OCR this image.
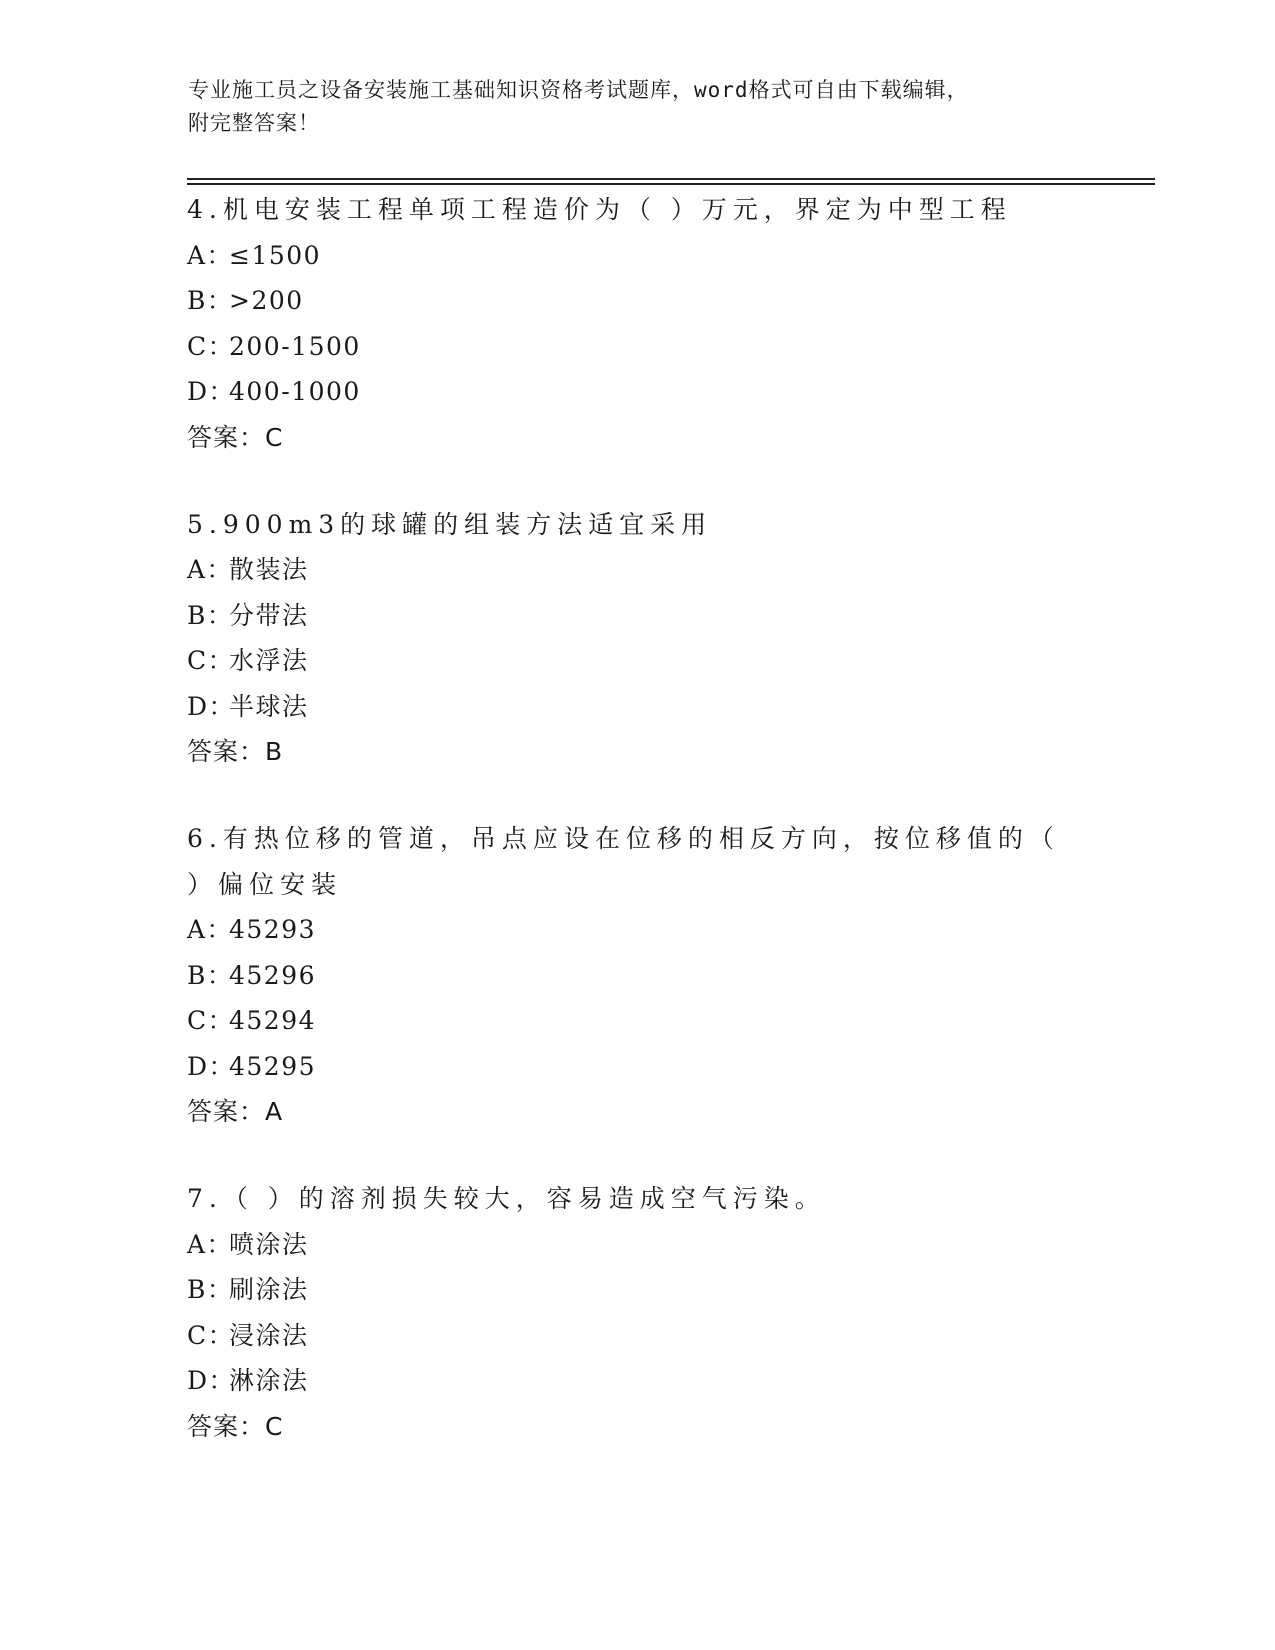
专业施工员之设备安装施工基础知识资格考试题库，word格式可自由下载编辑，
附完整答案！
4.机电安装工程单项工程造价为（ ）万元，界定为中型工程
A：≤1500
B：>200
C：200-1500
D：400-1000
答案：C
5.900m3的球罐的组装方法适宜采用
A：散装法
B：分带法
C：水浮法
D：半球法
答案：B
6.有热位移的管道，吊点应设在位移的相反方向，按位移值的（ ）偏位安装
A：45293
B：45296
C：45294
D：45295
答案：A
7.（ ）的溶剂损失较大，容易造成空气污染。
A：喷涂法
B：刷涂法
C：浸涂法
D：淋涂法
答案：C
